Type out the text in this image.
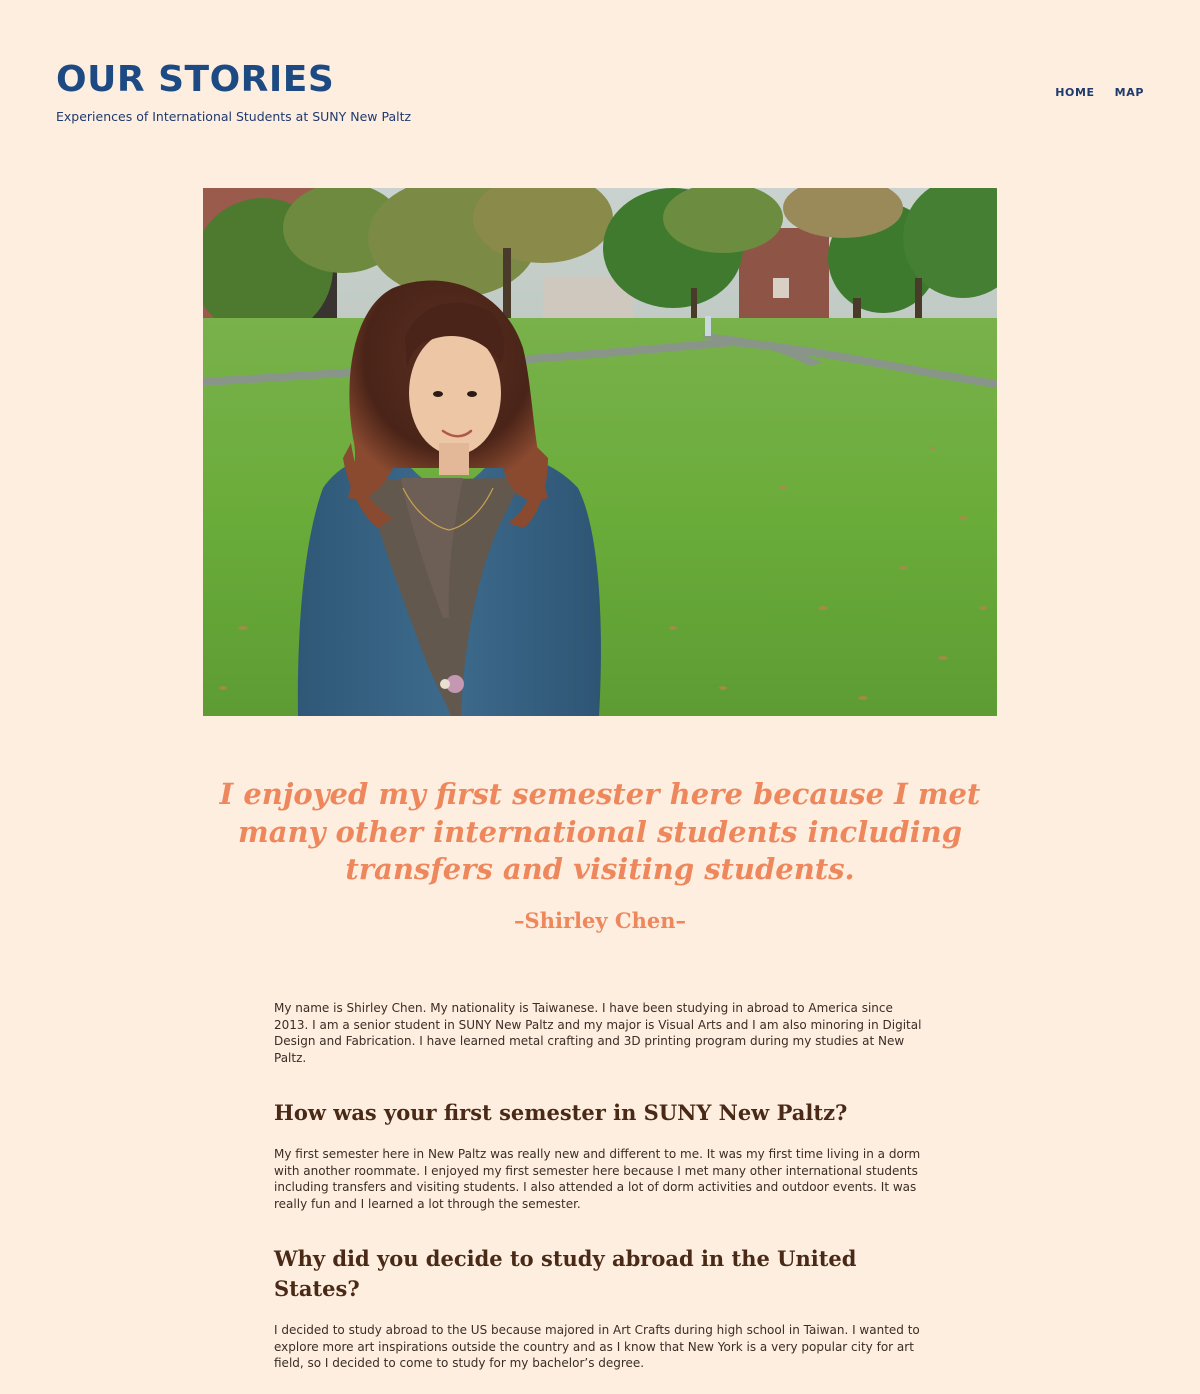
OUR STORIES

Experiences of International Students at SUNY New Paltz

HOME MAP
I enjoyed my first semester here because I met many other international students including transfers and visiting students.

–Shirley Chen–

My name is Shirley Chen. My nationality is Taiwanese. I have been studying in abroad to America since 2013. I am a senior student in SUNY New Paltz and my major is Visual Arts and I am also minoring in Digital Design and Fabrication. I have learned metal crafting and 3D printing program during my studies at New Paltz.

How was your first semester in SUNY New Paltz?

My first semester here in New Paltz was really new and different to me. It was my first time living in a dorm with another roommate. I enjoyed my first semester here because I met many other international students including transfers and visiting students. I also attended a lot of dorm activities and outdoor events. It was really fun and I learned a lot through the semester.

Why did you decide to study abroad in the United States?

I decided to study abroad to the US because majored in Art Crafts during high school in Taiwan. I wanted to explore more art inspirations outside the country and as I know that New York is a very popular city for art field, so I decided to come to study for my bachelor’s degree.
